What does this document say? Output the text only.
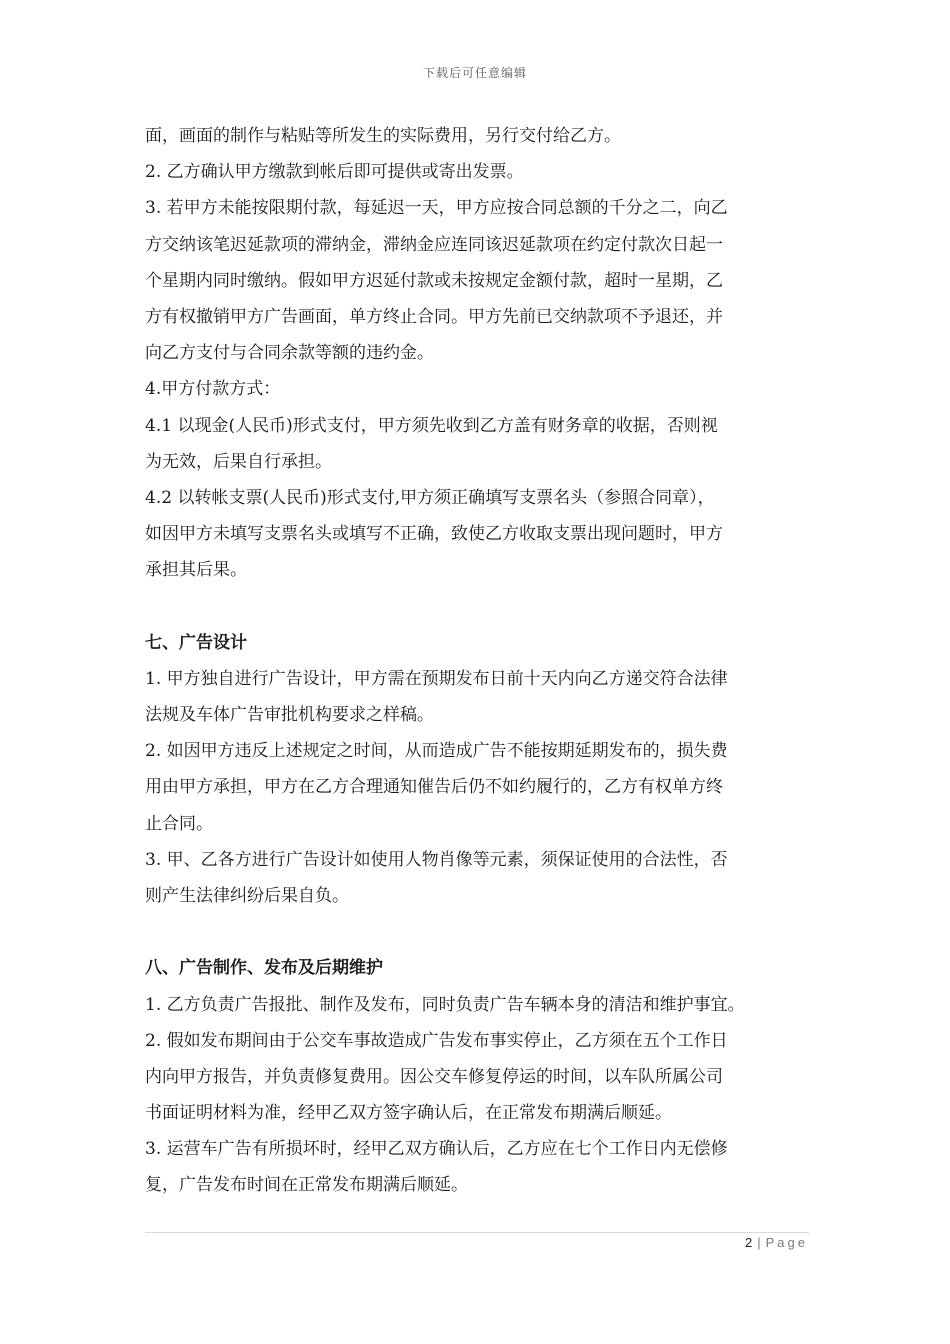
下载后可任意编辑
面，画面的制作与粘贴等所发生的实际费用，另行交付给乙方。
2. 乙方确认甲方缴款到帐后即可提供或寄出发票。
3. 若甲方未能按限期付款，每延迟一天，甲方应按合同总额的千分之二，向乙
方交纳该笔迟延款项的滞纳金，滞纳金应连同该迟延款项在约定付款次日起一
个星期内同时缴纳。假如甲方迟延付款或未按规定金额付款，超时一星期，乙
方有权撤销甲方广告画面，单方终止合同。甲方先前已交纳款项不予退还，并
向乙方支付与合同余款等额的违约金。
4.甲方付款方式：
4.1 以现金(人民币)形式支付，甲方须先收到乙方盖有财务章的收据，否则视
为无效，后果自行承担。
4.2 以转帐支票(人民币)形式支付,甲方须正确填写支票名头（参照合同章），
如因甲方未填写支票名头或填写不正确，致使乙方收取支票出现问题时，甲方
承担其后果。
七、广告设计
1. 甲方独自进行广告设计，甲方需在预期发布日前十天内向乙方递交符合法律
法规及车体广告审批机构要求之样稿。
2. 如因甲方违反上述规定之时间，从而造成广告不能按期延期发布的，损失费
用由甲方承担，甲方在乙方合理通知催告后仍不如约履行的，乙方有权单方终
止合同。
3. 甲、乙各方进行广告设计如使用人物肖像等元素，须保证使用的合法性，否
则产生法律纠纷后果自负。
八、广告制作、发布及后期维护
1. 乙方负责广告报批、制作及发布，同时负责广告车辆本身的清洁和维护事宜。
2. 假如发布期间由于公交车事故造成广告发布事实停止，乙方须在五个工作日
内向甲方报告，并负责修复费用。因公交车修复停运的时间，以车队所属公司
书面证明材料为准，经甲乙双方签字确认后，在正常发布期满后顺延。
3. 运营车广告有所损坏时，经甲乙双方确认后，乙方应在七个工作日内无偿修
复，广告发布时间在正常发布期满后顺延。
2 | Page
